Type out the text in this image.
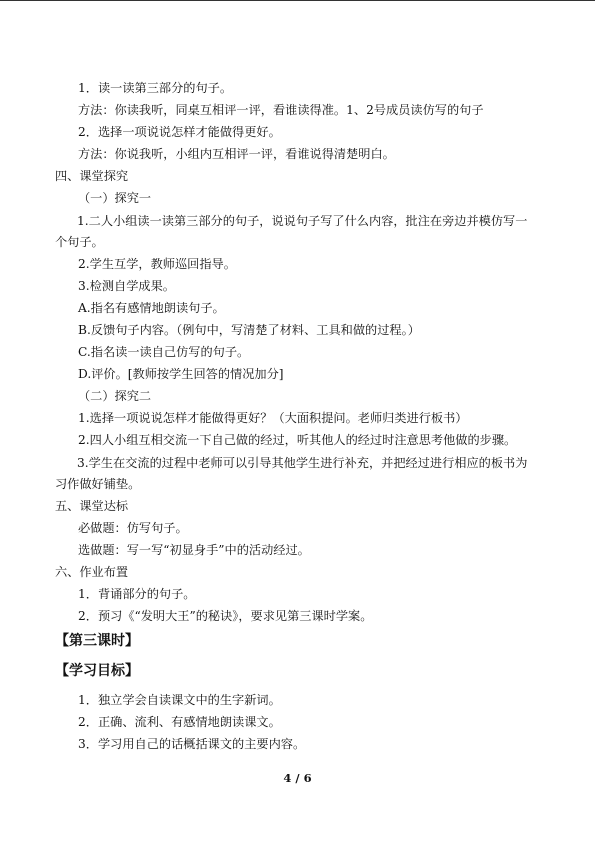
1．读一读第三部分的句子。
方法：你读我听，同桌互相评一评，看谁读得准。1、2号成员读仿写的句子
2．选择一项说说怎样才能做得更好。
方法：你说我听，小组内互相评一评，看谁说得清楚明白。
四、课堂探究
（一）探究一
1.二人小组读一读第三部分的句子，说说句子写了什么内容，批注在旁边并模仿写一个句子。
2.学生互学，教师巡回指导。
3.检测自学成果。
A.指名有感情地朗读句子。
B.反馈句子内容。（例句中，写清楚了材料、工具和做的过程。）
C.指名读一读自己仿写的句子。
D.评价。[教师按学生回答的情况加分]
（二）探究二
1.选择一项说说怎样才能做得更好？（大面积提问。老师归类进行板书）
2.四人小组互相交流一下自己做的经过，听其他人的经过时注意思考他做的步骤。
3.学生在交流的过程中老师可以引导其他学生进行补充，并把经过进行相应的板书为习作做好铺垫。
五、课堂达标
必做题：仿写句子。
选做题：写一写“初显身手”中的活动经过。
六、作业布置
1．背诵部分的句子。
2．预习《“发明大王”的秘诀》，要求见第三课时学案。
【第三课时】
【学习目标】
1．独立学会自读课文中的生字新词。
2．正确、流利、有感情地朗读课文。
3．学习用自己的话概括课文的主要内容。
4 / 6
